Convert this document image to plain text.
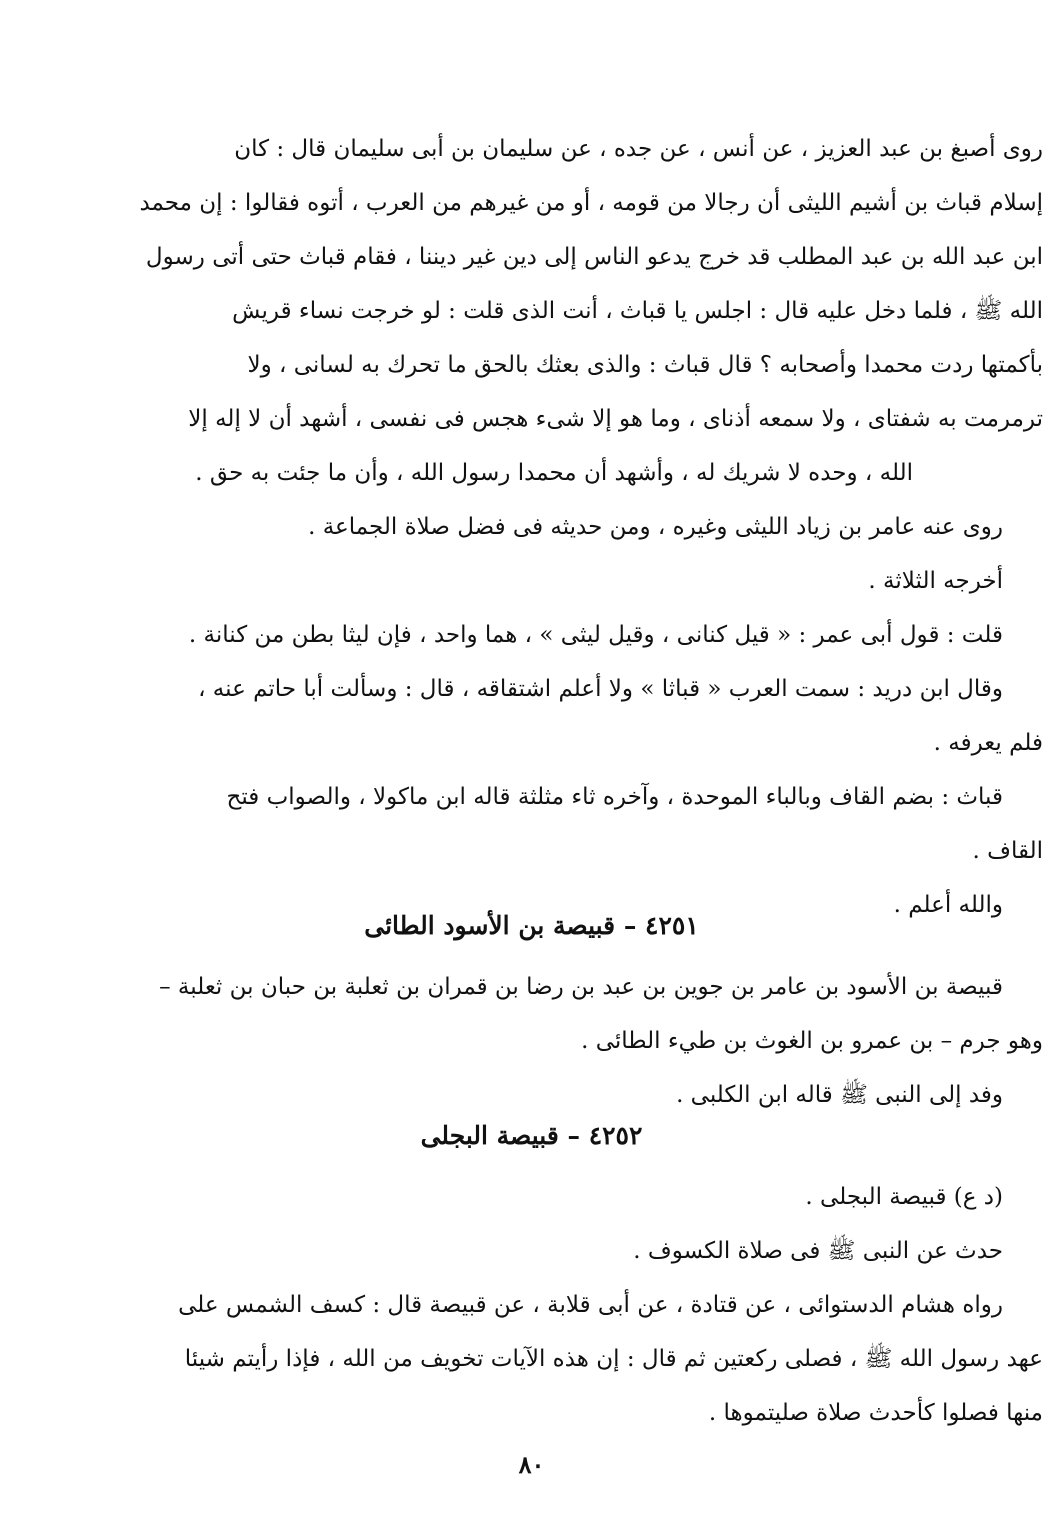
روى أصبغ بن عبد العزيز ، عن أنس ، عن جده ، عن سليمان بن أبى سليمان قال : كان
إسلام قباث بن أشيم الليثى أن رجالا من قومه ، أو من غيرهم من العرب ، أتوه فقالوا : إن محمد
ابن عبد الله بن عبد المطلب قد خرج يدعو الناس إلى دين غير ديننا ، فقام قباث حتى أتى رسول
الله ﷺ ، فلما دخل عليه قال : اجلس يا قباث ، أنت الذى قلت : لو خرجت نساء قريش
بأكمتها ردت محمدا وأصحابه ؟ قال قباث : والذى بعثك بالحق ما تحرك به لسانى ، ولا
ترمرمت به شفتاى ، ولا سمعه أذناى ، وما هو إلا شىء هجس فى نفسى ، أشهد أن لا إله إلا
الله ، وحده لا شريك له ، وأشهد أن محمدا رسول الله ، وأن ما جئت به حق .
روى عنه عامر بن زياد الليثى وغيره ، ومن حديثه فى فضل صلاة الجماعة .
أخرجه الثلاثة .
قلت : قول أبى عمر : « قيل كنانى ، وقيل ليثى » ، هما واحد ، فإن ليثا بطن من كنانة .
وقال ابن دريد : سمت العرب « قباثا » ولا أعلم اشتقاقه ، قال : وسألت أبا حاتم عنه ،
فلم يعرفه .
قباث : بضم القاف وبالباء الموحدة ، وآخره ثاء مثلثة قاله ابن ماكولا ، والصواب فتح
القاف .
والله أعلم .
٤٢٥١ – قبيصة بن الأسود الطائى
قبيصة بن الأسود بن عامر بن جوين بن عبد بن رضا بن قمران بن ثعلبة بن حبان بن ثعلبة –
وهو جرم – بن عمرو بن الغوث بن طيء الطائى .
وفد إلى النبى ﷺ قاله ابن الكلبى .
٤٢٥٢ – قبيصة البجلى
(د ع) قبيصة البجلى .
حدث عن النبى ﷺ فى صلاة الكسوف .
رواه هشام الدستوائى ، عن قتادة ، عن أبى قلابة ، عن قبيصة قال : كسف الشمس على
عهد رسول الله ﷺ ، فصلى ركعتين ثم قال : إن هذه الآيات تخويف من الله ، فإذا رأيتم شيئا
منها فصلوا كأحدث صلاة صليتموها .
٨٠
